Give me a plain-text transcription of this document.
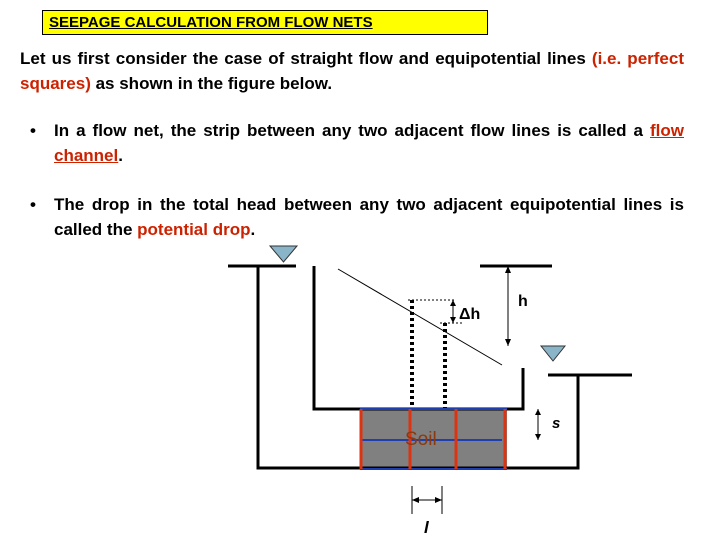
SEEPAGE CALCULATION FROM FLOW NETS
Let us first consider the case of straight flow and equipotential lines (i.e. perfect squares) as shown in the figure below.
• In a flow net, the strip between any two adjacent flow lines is called a flow channel.
• The drop in the total head between any two adjacent equipotential lines is called the potential drop.
Δh
h
s
l
Soil
